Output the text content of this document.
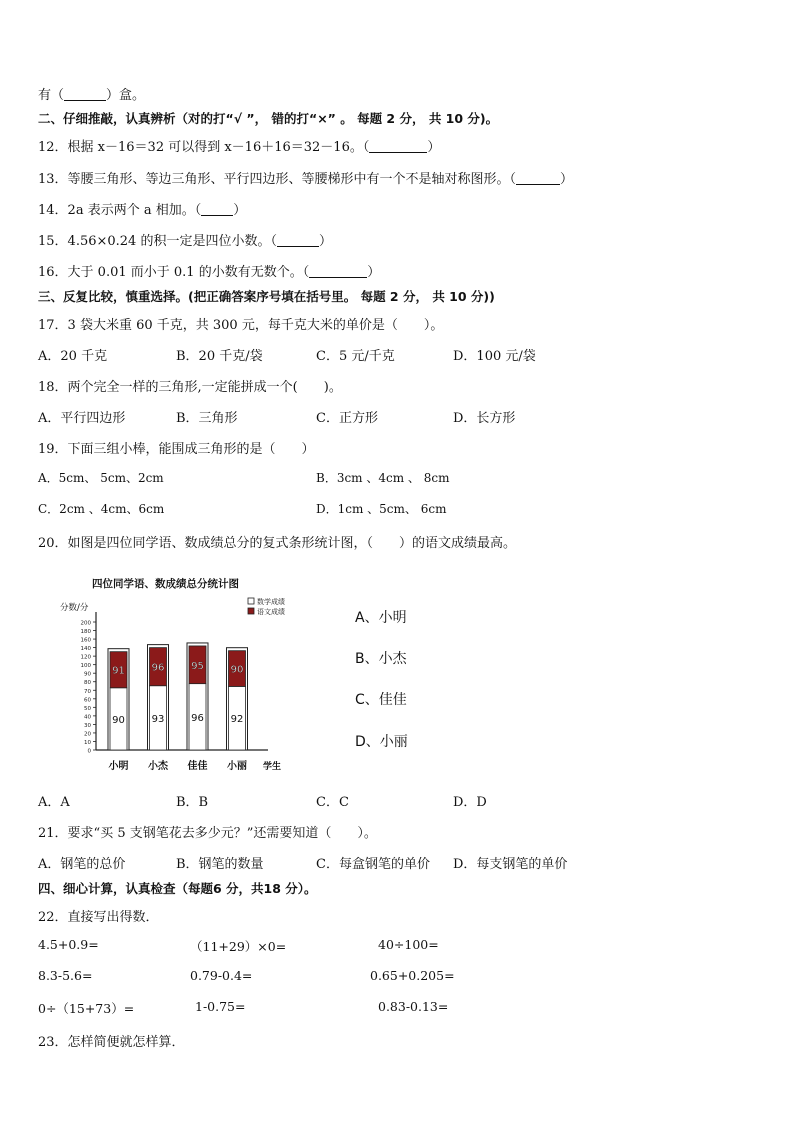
有（	）盒。
二、仔细推敲，认真辨析（对的打“√ ”， 错的打“×” 。 每题 2 分， 共 10 分)。
12．根据 x－16＝32 可以得到 x－16＋16＝32－16。（	）
13．等腰三角形、等边三角形、平行四边形、等腰梯形中有一个不是轴对称图形。（	）
14．2a 表示两个 a 相加。（ ）
15．4.56×0.24 的积一定是四位小数。（	）
16．大于 0.01 而小于 0.1 的小数有无数个。（	）
三、反复比较，慎重选择。(把正确答案序号填在括号里。 每题 2 分， 共 10 分))
17．3 袋大米重 60 千克，共 300 元，每千克大米的单价是（　　）。
A．20 千克	B．20 千克/袋	C．5 元/千克	D．100 元/袋
18．两个完全一样的三角形,一定能拼成一个(　　)。
A．平行四边形	B．三角形	C．正方形	D．长方形
19．下面三组小棒，能围成三角形的是（　　）
A．5cm、 5cm、2cm	B．3cm 、4cm 、 8cm
C．2cm 、4cm、6cm	D．1cm 、5cm、 6cm
20．如图是四位同学语、数成绩总分的复式条形统计图，（　　）的语文成绩最高。
四位同学语、数成绩总分统计图
分数/分
学生
0
10
20
30
40
50
60
70
80
90
100
120
140
160
180
200
90
91
小明
93
96
小杰
96
95
佳佳
92
90
小丽
数学成绩
语文成绩	A、小明
B、小杰
C、佳佳
D、小丽
A．A	B．B	C．C	D．D
21．要求“买 5 支钢笔花去多少元？”还需要知道（　　）。
A．钢笔的总价	B．钢笔的数量	C．每盒钢笔的单价 D．每支钢笔的单价
四、细心计算，认真检查（每题6 分，共18 分）。
22．直接写出得数．
4.5+0.9=	（11+29）×0=	40÷100=
8.3-5.6=	0.79-0.4=	0.65+0.205=
0÷（15+73）=	1-0.75=	0.83-0.13=
23．怎样简便就怎样算．
